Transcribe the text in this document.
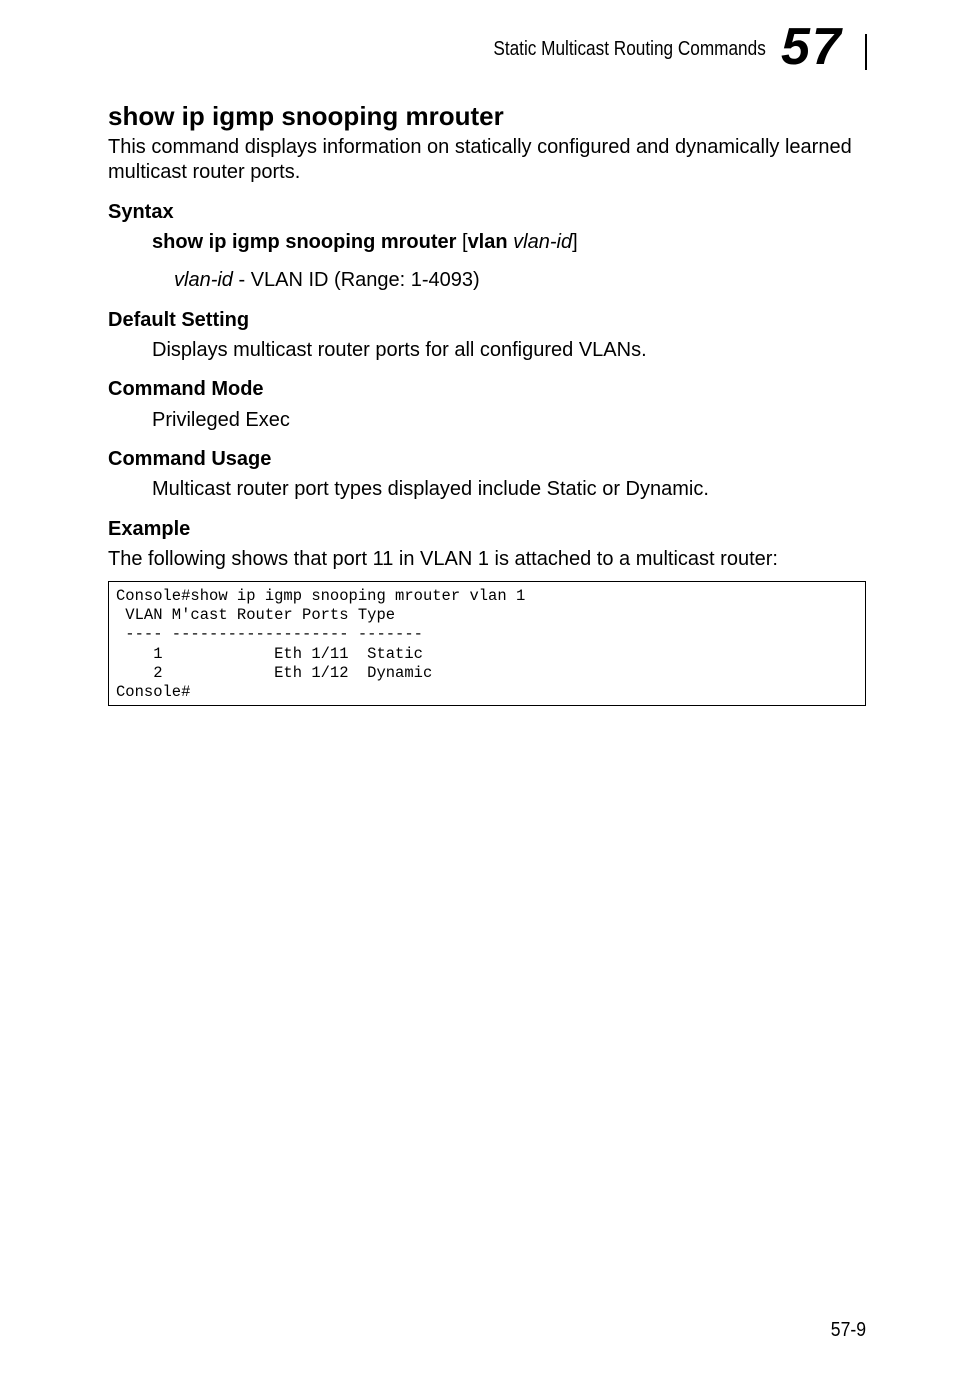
Static Multicast Routing Commands 57
show ip igmp snooping mrouter

This command displays information on statically configured and dynamically learned multicast router ports.

Syntax

show ip igmp snooping mrouter [vlan vlan-id]

vlan-id - VLAN ID (Range: 1-4093)

Default Setting

Displays multicast router ports for all configured VLANs.

Command Mode

Privileged Exec

Command Usage

Multicast router port types displayed include Static or Dynamic.

Example

The following shows that port 11 in VLAN 1 is attached to a multicast router:

Console#show ip igmp snooping mrouter vlan 1
VLAN M'cast Router Ports Type
---- ------------------- -------
1            Eth 1/11  Static
2            Eth 1/12  Dynamic
Console#
57-9
